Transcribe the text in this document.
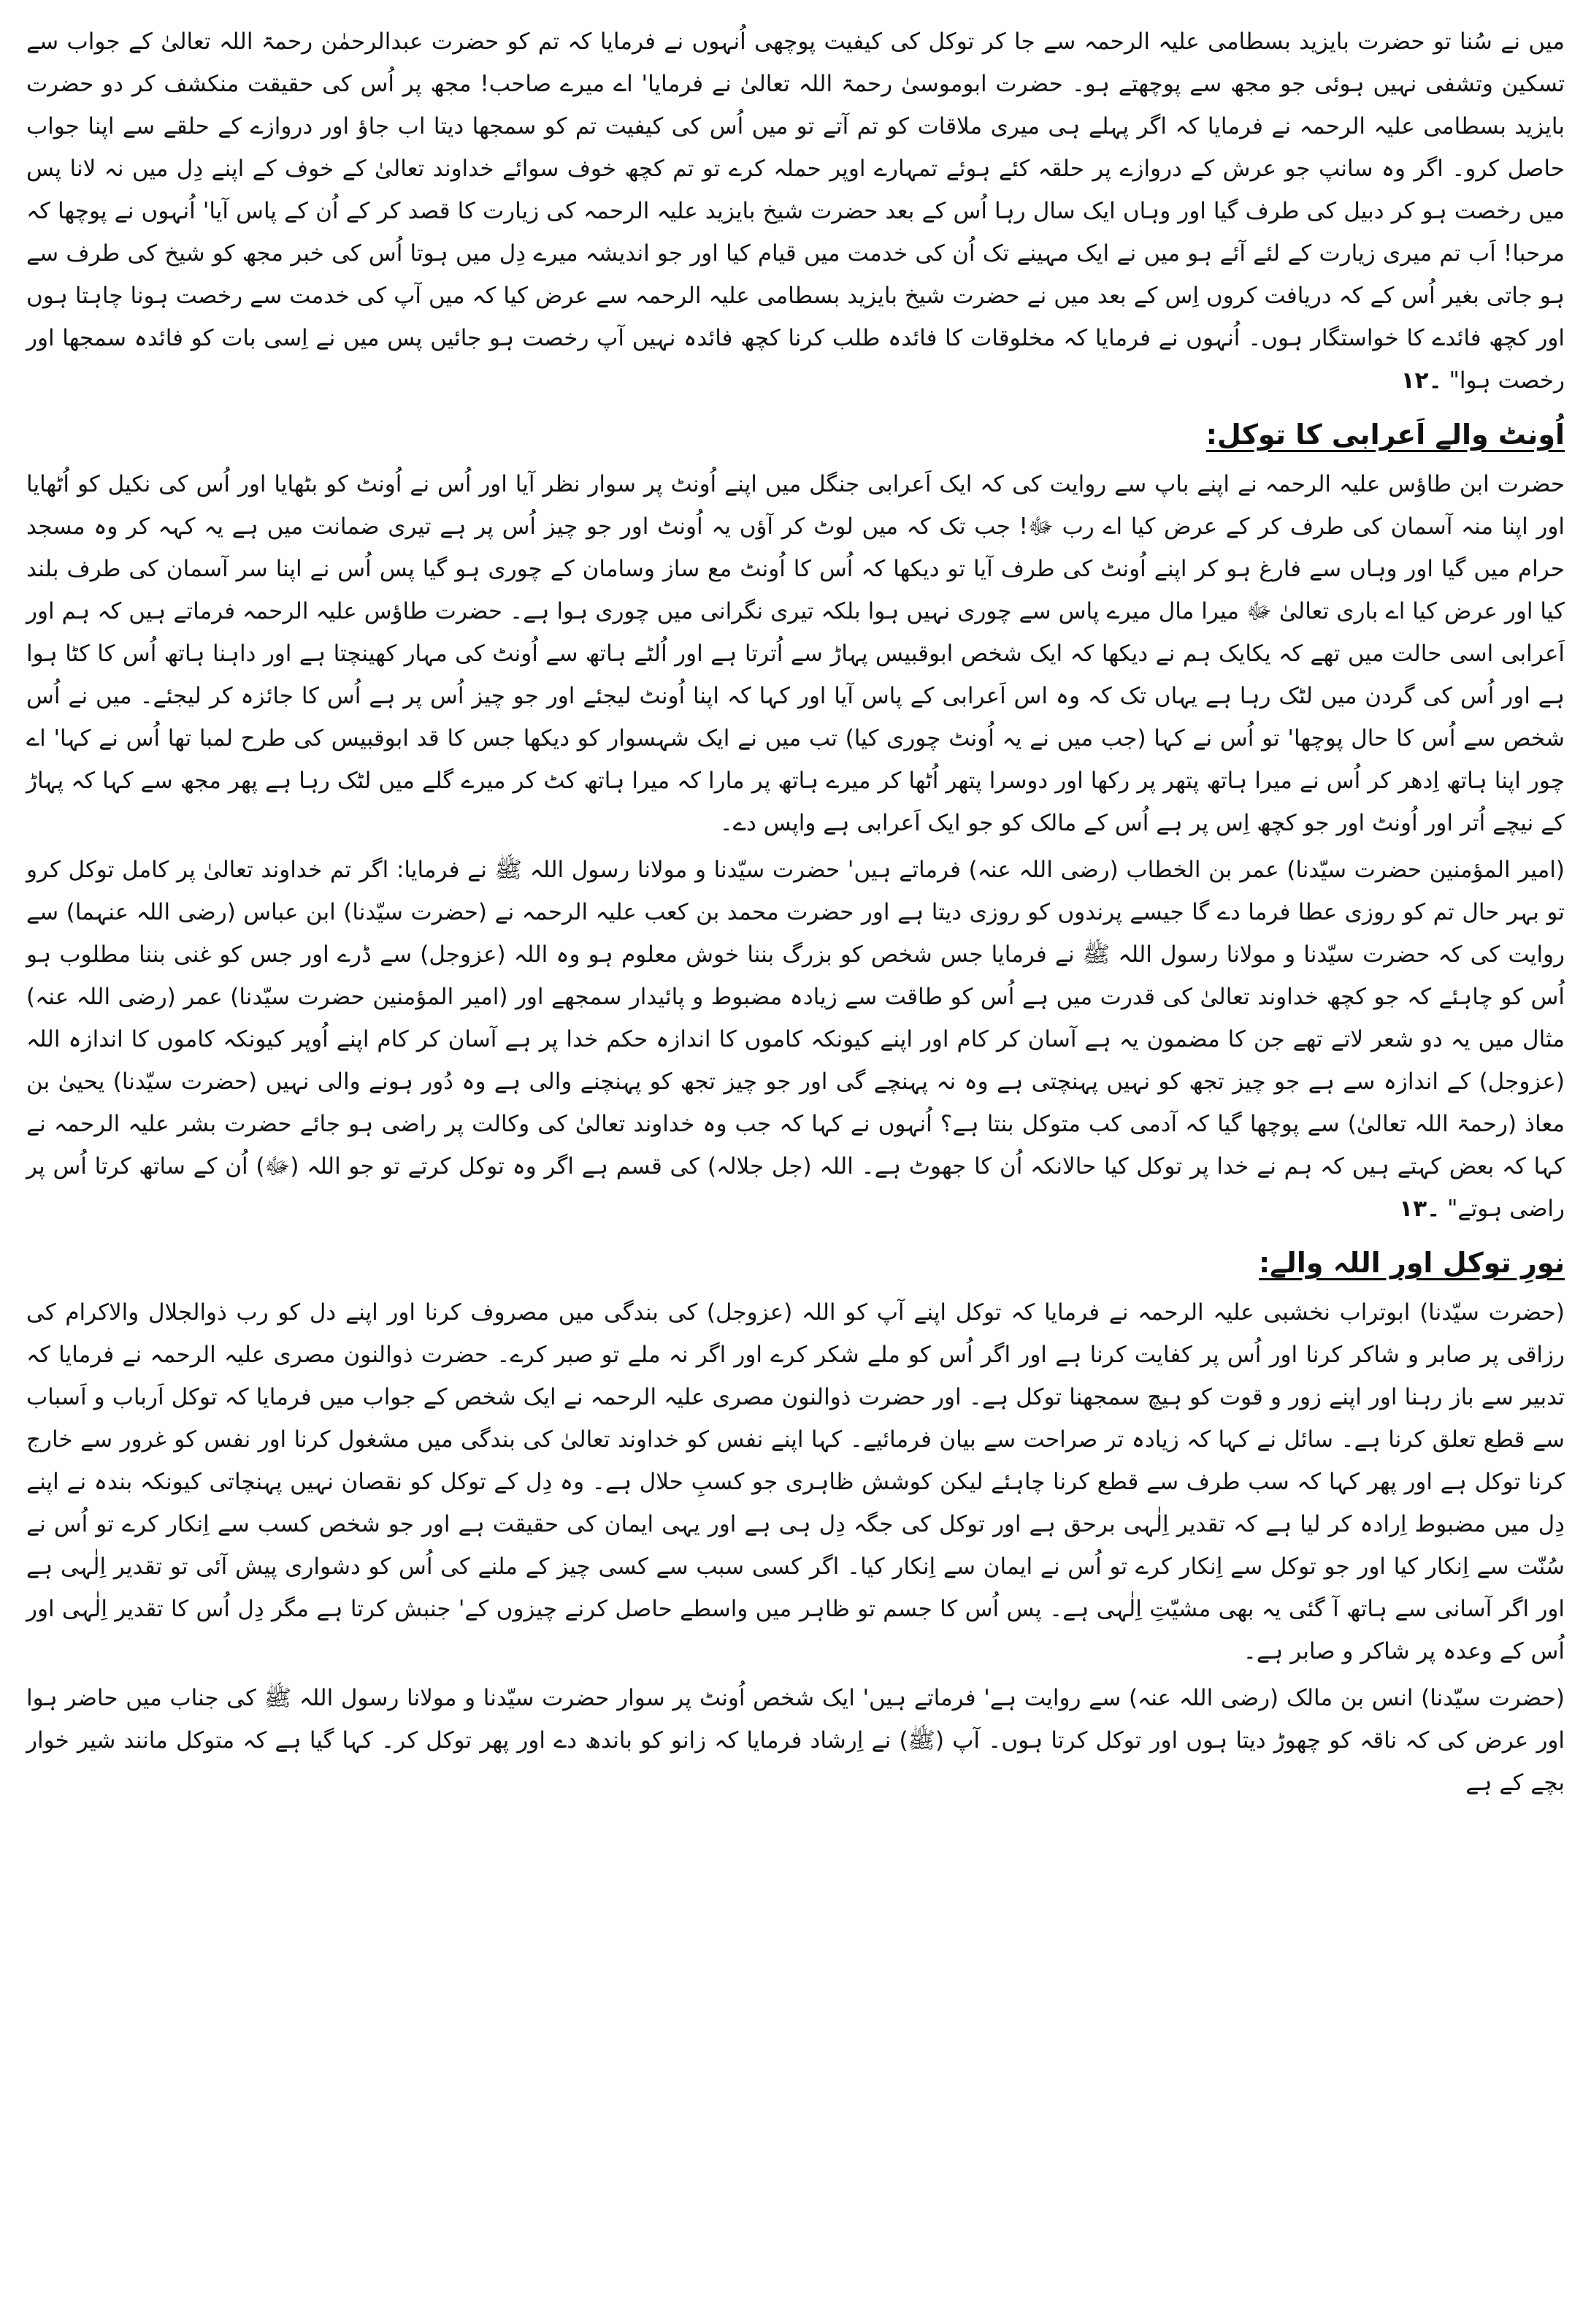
میں نے سُنا تو حضرت بایزید بسطامی علیہ الرحمہ سے جا کر توکل کی کیفیت پوچھی اُنہوں نے فرمایا کہ تم کو حضرت عبدالرحمٰن رحمۃ اللہ تعالیٰ کے جواب سے تسکین وتشفی نہیں ہوئی جو مجھ سے پوچھتے ہو۔ حضرت ابوموسیٰ رحمۃ اللہ تعالیٰ نے فرمایا' اے میرے صاحب! مجھ پر اُس کی حقیقت منکشف کر دو حضرت بایزید بسطامی علیہ الرحمہ نے فرمایا کہ اگر پہلے ہی میری ملاقات کو تم آتے تو میں اُس کی کیفیت تم کو سمجھا دیتا اب جاؤ اور دروازے کے حلقے سے اپنا جواب حاصل کرو۔ اگر وہ سانپ جو عرش کے دروازے پر حلقہ کئے ہوئے تمہارے اوپر حملہ کرے تو تم کچھ خوف سوائے خداوند تعالیٰ کے خوف کے اپنے دِل میں نہ لانا پس میں رخصت ہو کر دبیل کی طرف گیا اور وہاں ایک سال رہا اُس کے بعد حضرت شیخ بایزید علیہ الرحمہ کی زیارت کا قصد کر کے اُن کے پاس آیا' اُنہوں نے پوچھا کہ مرحبا! اَب تم میری زیارت کے لئے آئے ہو میں نے ایک مہینے تک اُن کی خدمت میں قیام کیا اور جو اندیشہ میرے دِل میں ہوتا اُس کی خبر مجھ کو شیخ کی طرف سے ہو جاتی بغیر اُس کے کہ دریافت کروں اِس کے بعد میں نے حضرت شیخ بایزید بسطامی علیہ الرحمہ سے عرض کیا کہ میں آپ کی خدمت سے رخصت ہونا چاہتا ہوں اور کچھ فائدے کا خواستگار ہوں۔ اُنہوں نے فرمایا کہ مخلوقات کا فائدہ طلب کرنا کچھ فائدہ نہیں آپ رخصت ہو جائیں پس میں نے اِسی بات کو فائدہ سمجھا اور رخصت ہوا" ۔۱۲

اُونٹ والے اَعرابی کا توکل:

حضرت ابن طاؤس علیہ الرحمہ نے اپنے باپ سے روایت کی کہ ایک اَعرابی جنگل میں اپنے اُونٹ پر سوار نظر آیا اور اُس نے اُونٹ کو بٹھایا اور اُس کی نکیل کو اُٹھایا اور اپنا منہ آسمان کی طرف کر کے عرض کیا اے رب ﷻ! جب تک کہ میں لوٹ کر آؤں یہ اُونٹ اور جو چیز اُس پر ہے تیری ضمانت میں ہے یہ کہہ کر وہ مسجد حرام میں گیا اور وہاں سے فارغ ہو کر اپنے اُونٹ کی طرف آیا تو دیکھا کہ اُس کا اُونٹ مع ساز وسامان کے چوری ہو گیا پس اُس نے اپنا سر آسمان کی طرف بلند کیا اور عرض کیا اے باری تعالیٰ ﷻ میرا مال میرے پاس سے چوری نہیں ہوا بلکہ تیری نگرانی میں چوری ہوا ہے۔ حضرت طاؤس علیہ الرحمہ فرماتے ہیں کہ ہم اور اَعرابی اسی حالت میں تھے کہ یکایک ہم نے دیکھا کہ ایک شخص ابوقبیس پہاڑ سے اُترتا ہے اور اُلٹے ہاتھ سے اُونٹ کی مہار کھینچتا ہے اور داہنا ہاتھ اُس کا کٹا ہوا ہے اور اُس کی گردن میں لٹک رہا ہے یہاں تک کہ وہ اس اَعرابی کے پاس آیا اور کہا کہ اپنا اُونٹ لیجئے اور جو چیز اُس پر ہے اُس کا جائزہ کر لیجئے۔ میں نے اُس شخص سے اُس کا حال پوچھا' تو اُس نے کہا (جب میں نے یہ اُونٹ چوری کیا) تب میں نے ایک شہسوار کو دیکھا جس کا قد ابوقبیس کی طرح لمبا تھا اُس نے کہا' اے چور اپنا ہاتھ اِدھر کر اُس نے میرا ہاتھ پتھر پر رکھا اور دوسرا پتھر اُٹھا کر میرے ہاتھ پر مارا کہ میرا ہاتھ کٹ کر میرے گلے میں لٹک رہا ہے پھر مجھ سے کہا کہ پہاڑ کے نیچے اُتر اور اُونٹ اور جو کچھ اِس پر ہے اُس کے مالک کو جو ایک اَعرابی ہے واپس دے۔

(امیر المؤمنین حضرت سیّدنا) عمر بن الخطاب (رضی اللہ عنہ) فرماتے ہیں' حضرت سیّدنا و مولانا رسول اللہ ﷺ نے فرمایا: اگر تم خداوند تعالیٰ پر کامل توکل کرو تو بہر حال تم کو روزی عطا فرما دے گا جیسے پرندوں کو روزی دیتا ہے اور حضرت محمد بن کعب علیہ الرحمہ نے (حضرت سیّدنا) ابن عباس (رضی اللہ عنہما) سے روایت کی کہ حضرت سیّدنا و مولانا رسول اللہ ﷺ نے فرمایا جس شخص کو بزرگ بننا خوش معلوم ہو وہ اللہ (عزوجل) سے ڈرے اور جس کو غنی بننا مطلوب ہو اُس کو چاہئے کہ جو کچھ خداوند تعالیٰ کی قدرت میں ہے اُس کو طاقت سے زیادہ مضبوط و پائیدار سمجھے اور (امیر المؤمنین حضرت سیّدنا) عمر (رضی اللہ عنہ) مثال میں یہ دو شعر لاتے تھے جن کا مضمون یہ ہے آسان کر کام اور اپنے کیونکہ کاموں کا اندازہ حکم خدا پر ہے آسان کر کام اپنے اُوپر کیونکہ کاموں کا اندازہ اللہ (عزوجل) کے اندازہ سے ہے جو چیز تجھ کو نہیں پہنچتی ہے وہ نہ پہنچے گی اور جو چیز تجھ کو پہنچنے والی ہے وہ دُور ہونے والی نہیں (حضرت سیّدنا) یحییٰ بن معاذ (رحمۃ اللہ تعالیٰ) سے پوچھا گیا کہ آدمی کب متوکل بنتا ہے؟ اُنہوں نے کہا کہ جب وہ خداوند تعالیٰ کی وکالت پر راضی ہو جائے حضرت بشر علیہ الرحمہ نے کہا کہ بعض کہتے ہیں کہ ہم نے خدا پر توکل کیا حالانکہ اُن کا جھوٹ ہے۔ اللہ (جل جلالہ) کی قسم ہے اگر وہ توکل کرتے تو جو اللہ (ﷻ) اُن کے ساتھ کرتا اُس پر راضی ہوتے" ۔۱۳

نورِ توکل اور اللہ والے:

(حضرت سیّدنا) ابوتراب نخشبی علیہ الرحمہ نے فرمایا کہ توکل اپنے آپ کو اللہ (عزوجل) کی بندگی میں مصروف کرنا اور اپنے دل کو رب ذوالجلال والاکرام کی رزاقی پر صابر و شاکر کرنا اور اُس پر کفایت کرنا ہے اور اگر اُس کو ملے شکر کرے اور اگر نہ ملے تو صبر کرے۔ حضرت ذوالنون مصری علیہ الرحمہ نے فرمایا کہ تدبیر سے باز رہنا اور اپنے زور و قوت کو ہیچ سمجھنا توکل ہے۔ اور حضرت ذوالنون مصری علیہ الرحمہ نے ایک شخص کے جواب میں فرمایا کہ توکل اَرباب و اَسباب سے قطع تعلق کرنا ہے۔ سائل نے کہا کہ زیادہ تر صراحت سے بیان فرمائیے۔ کہا اپنے نفس کو خداوند تعالیٰ کی بندگی میں مشغول کرنا اور نفس کو غرور سے خارج کرنا توکل ہے اور پھر کہا کہ سب طرف سے قطع کرنا چاہئے لیکن کوشش ظاہری جو کسبِ حلال ہے۔ وہ دِل کے توکل کو نقصان نہیں پہنچاتی کیونکہ بندہ نے اپنے دِل میں مضبوط اِرادہ کر لیا ہے کہ تقدیر اِلٰہی برحق ہے اور توکل کی جگہ دِل ہی ہے اور یہی ایمان کی حقیقت ہے اور جو شخص کسب سے اِنکار کرے تو اُس نے سُنّت سے اِنکار کیا اور جو توکل سے اِنکار کرے تو اُس نے ایمان سے اِنکار کیا۔ اگر کسی سبب سے کسی چیز کے ملنے کی اُس کو دشواری پیش آئی تو تقدیر اِلٰہی ہے اور اگر آسانی سے ہاتھ آ گئی یہ بھی مشیّتِ اِلٰہی ہے۔ پس اُس کا جسم تو ظاہر میں واسطے حاصل کرنے چیزوں کے' جنبش کرتا ہے مگر دِل اُس کا تقدیر اِلٰہی اور اُس کے وعدہ پر شاکر و صابر ہے۔

(حضرت سیّدنا) انس بن مالک (رضی اللہ عنہ) سے روایت ہے' فرماتے ہیں' ایک شخص اُونٹ پر سوار حضرت سیّدنا و مولانا رسول اللہ ﷺ کی جناب میں حاضر ہوا اور عرض کی کہ ناقہ کو چھوڑ دیتا ہوں اور توکل کرتا ہوں۔ آپ (ﷺ) نے اِرشاد فرمایا کہ زانو کو باندھ دے اور پھر توکل کر۔ کہا گیا ہے کہ متوکل مانند شیر خوار بچے کے ہے
